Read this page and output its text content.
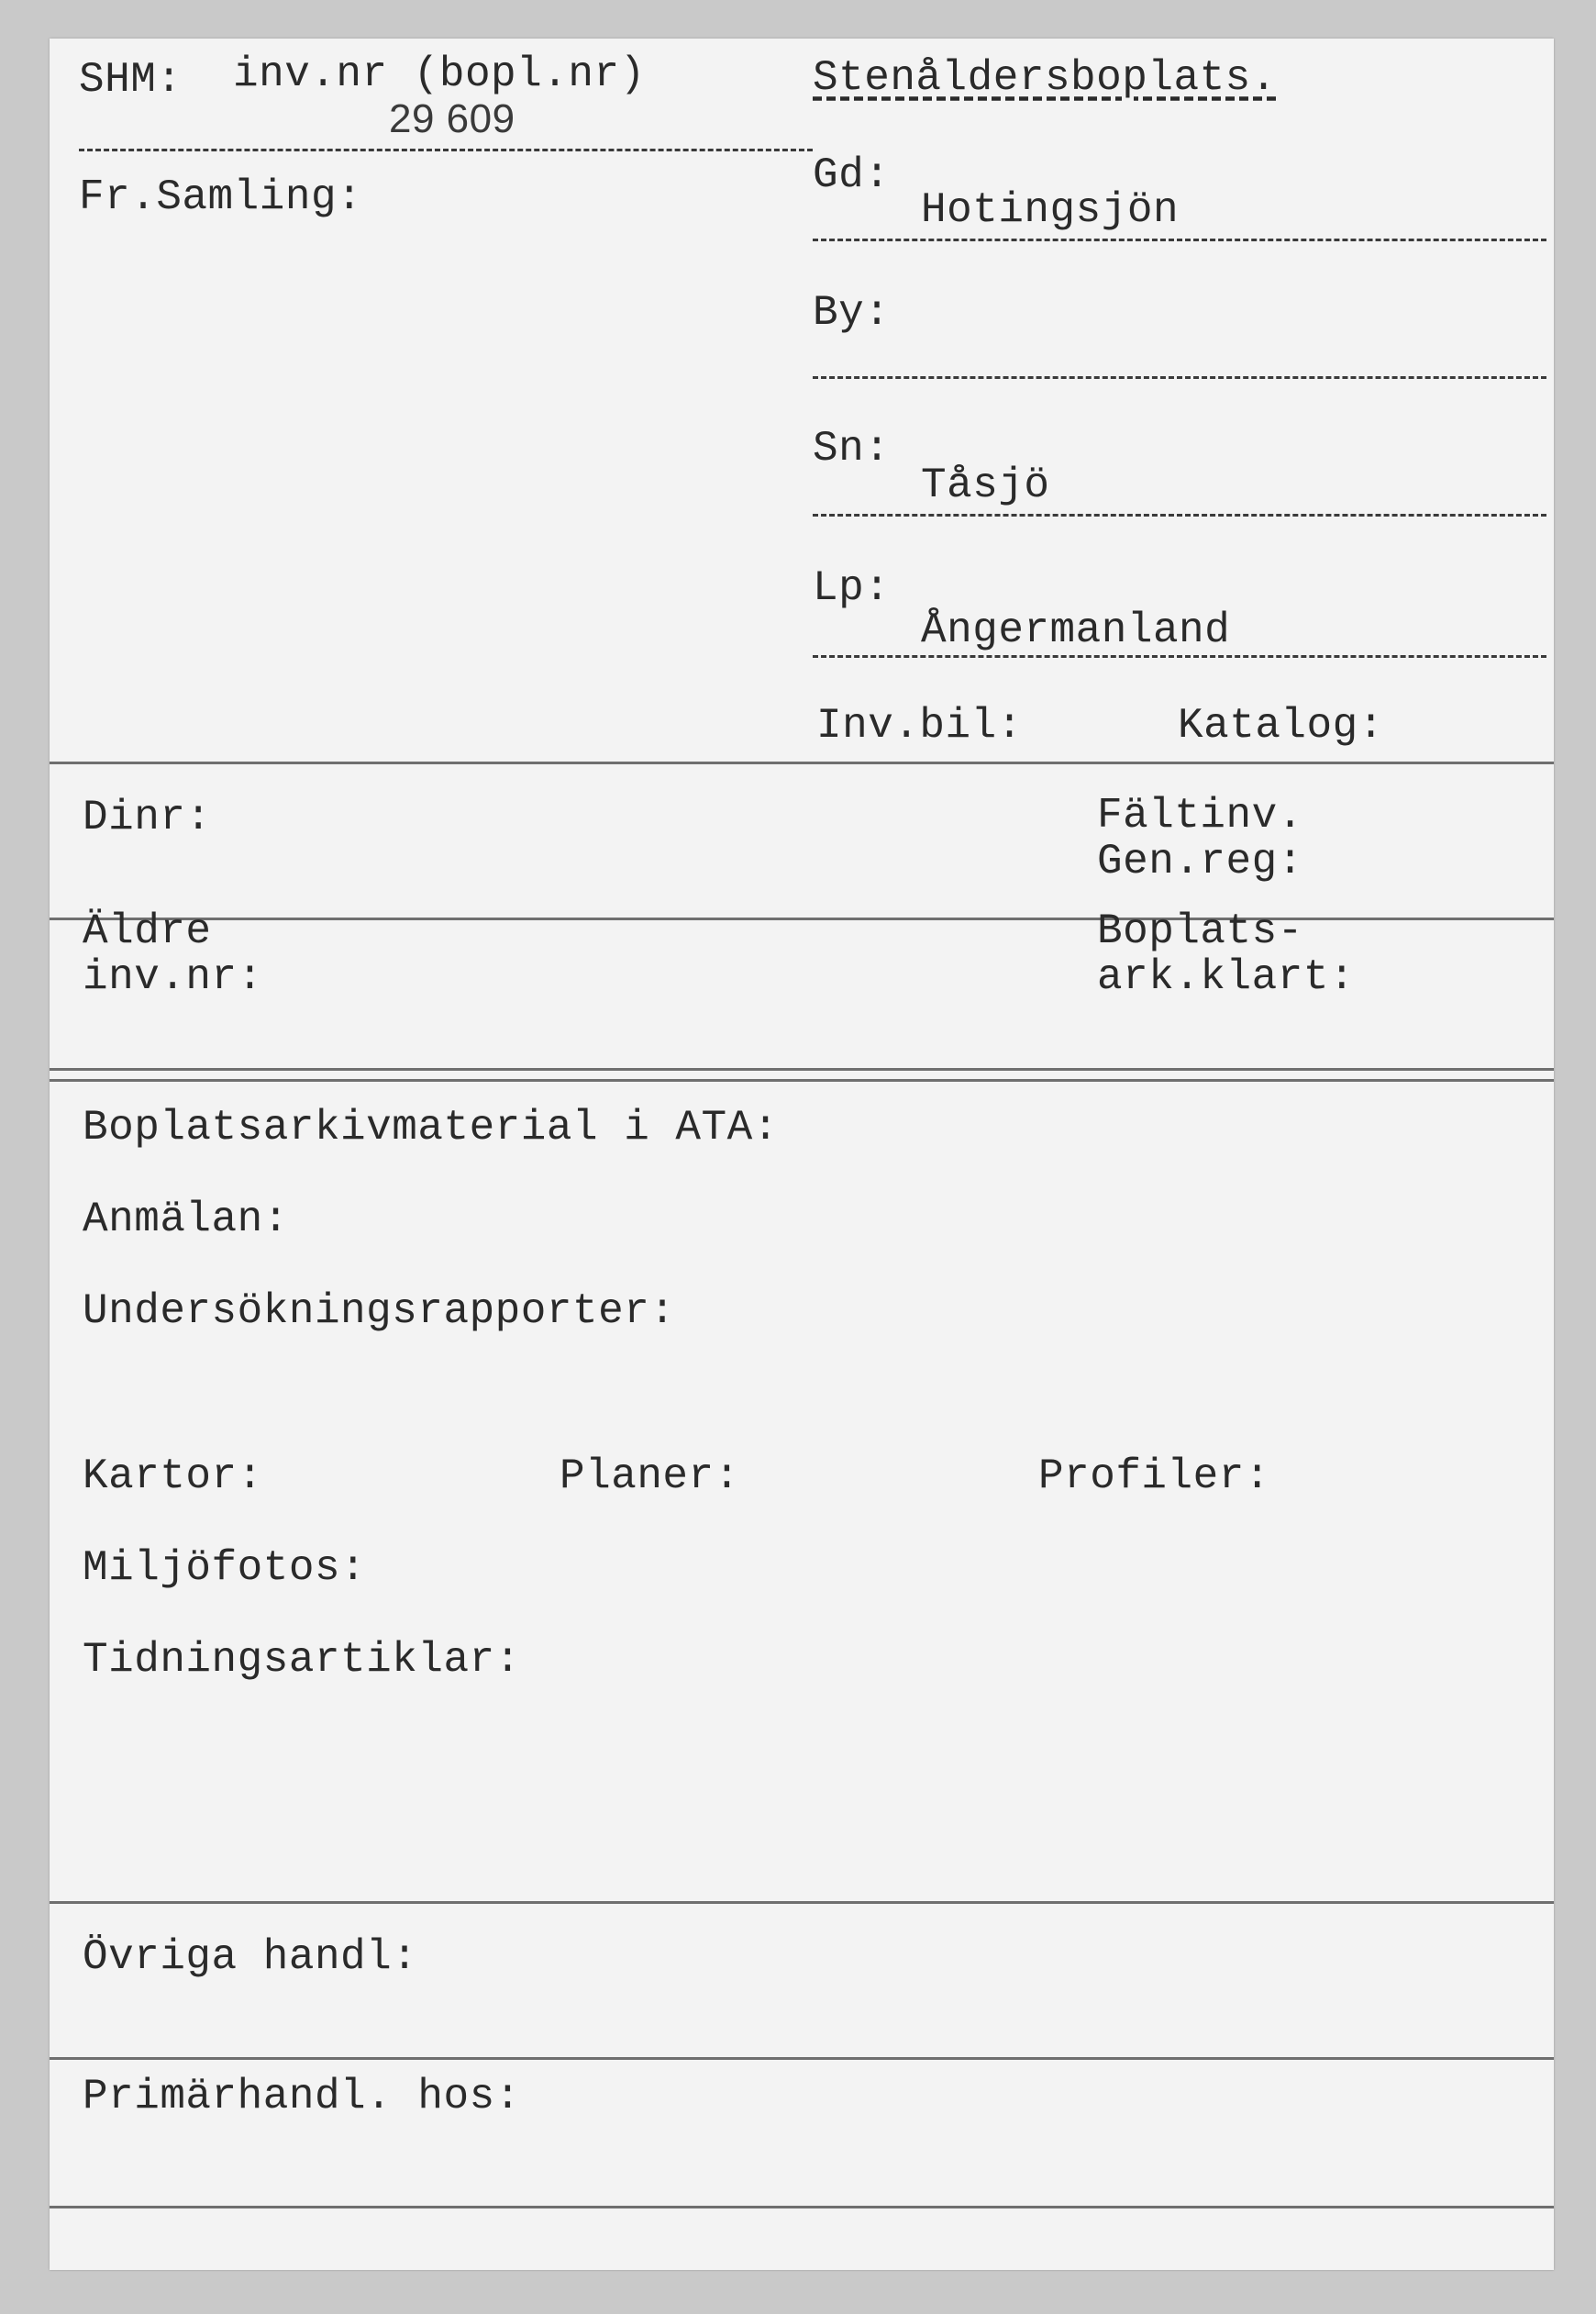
SHM: inv.nr (bopl.nr)
29 609
Fr.Samling:
Stenåldersboplats.
Gd:
Hotingsjön
By:
Sn:
Tåsjö
Lp:
Ångermanland
Inv.bil:	Katalog:
Dinr:	Fältinv.
Gen.reg:
Äldre
inv.nr:
Boplats-
ark.klart:
Boplatsarkivmaterial i ATA:
Anmälan:
Undersökningsrapporter:
Kartor:	Planer:	Profiler:
Miljöfotos:
Tidningsartiklar:
Övriga handl:
Primärhandl. hos:
